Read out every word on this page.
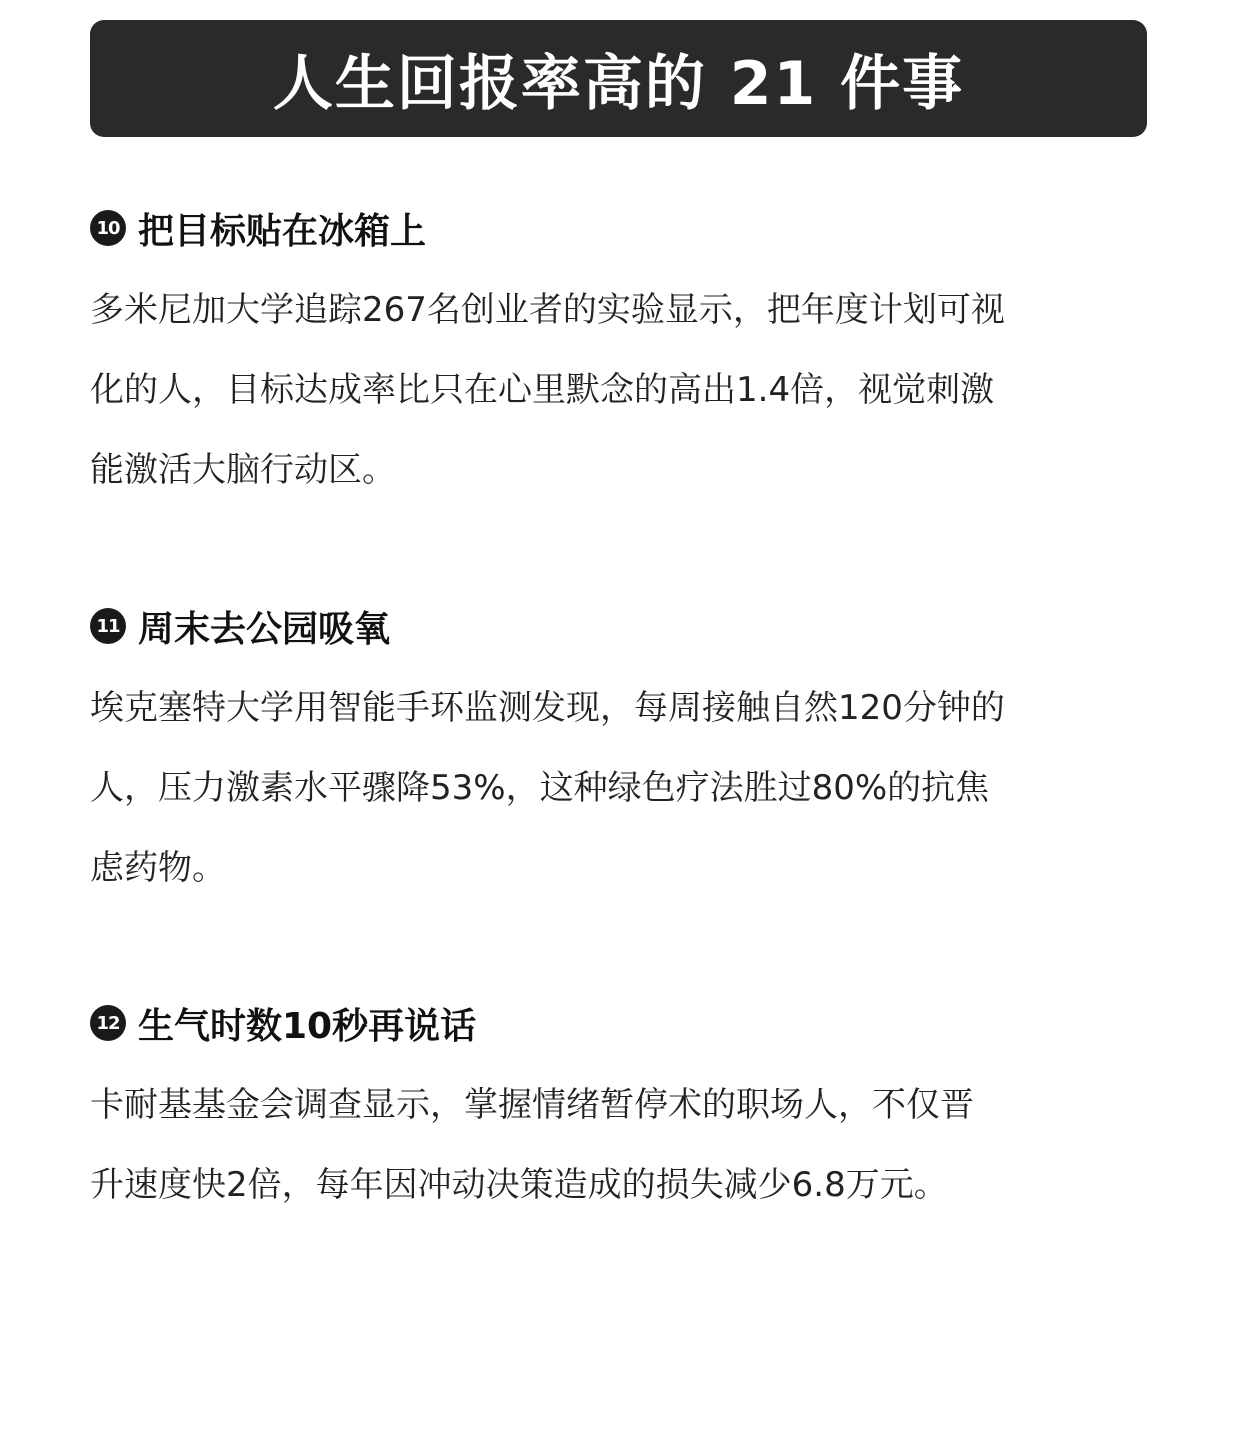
人生回报率高的 21 件事
10 把目标贴在冰箱上
多米尼加大学追踪267名创业者的实验显示，把年度计划可视
化的人，目标达成率比只在心里默念的高出1.4倍，视觉刺激
能激活大脑行动区。
11 周末去公园吸氧
埃克塞特大学用智能手环监测发现，每周接触自然120分钟的
人，压力激素水平骤降53%，这种绿色疗法胜过80%的抗焦
虑药物。
12 生气时数10秒再说话
卡耐基基金会调查显示，掌握情绪暂停术的职场人，不仅晋
升速度快2倍，每年因冲动决策造成的损失减少6.8万元。
